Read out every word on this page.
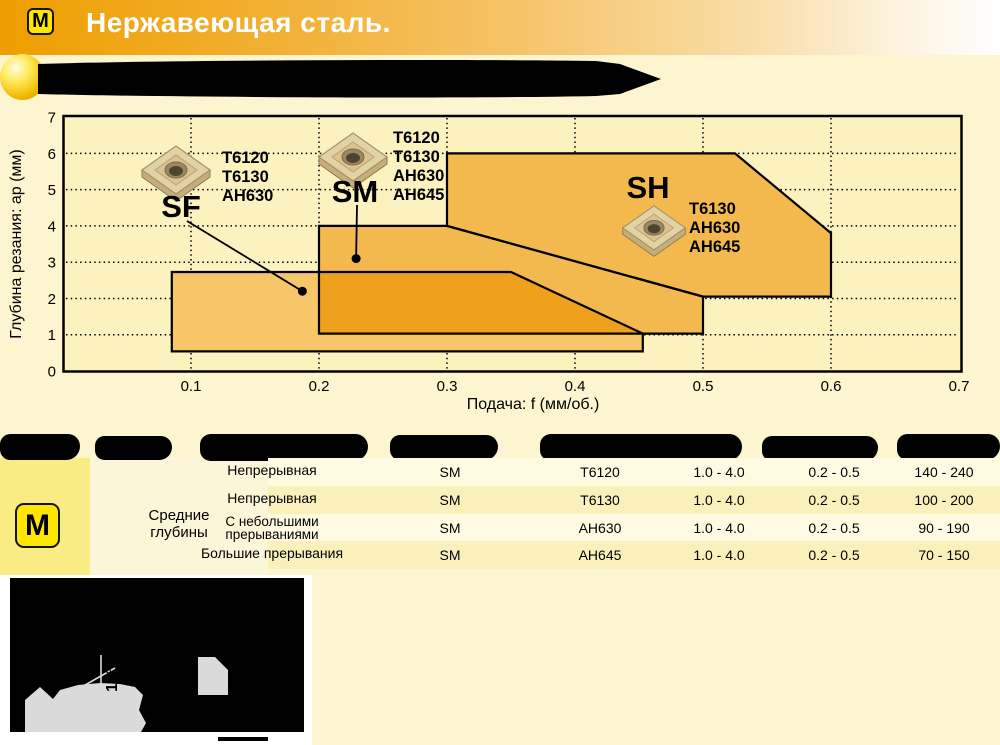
M Нержавеющая сталь.
SF
T6120
T6130
AH630 SM
T6120
T6130
AH630
AH645	SH
T6130
AH630
AH645
0.1	0.2	0.3	0.4	0.5	0.6	0.7
0
1
2
3
4
5
6
7
Подача: f (мм/об.)
Глубина резания: ap (мм)
M	Средние
глубины
Непрерывная	SM	T6120	1.0 - 4.0	0.2 - 0.5	140 - 240
Непрерывная	SM	T6130	1.0 - 4.0	0.2 - 0.5	100 - 200
С небольшими
прерываниями	SM	AH630	1.0 - 4.0	0.2 - 0.5	90 - 190
Большие прерывания	SM	AH645	1.0 - 4.0	0.2 - 0.5	70 - 150
10°
